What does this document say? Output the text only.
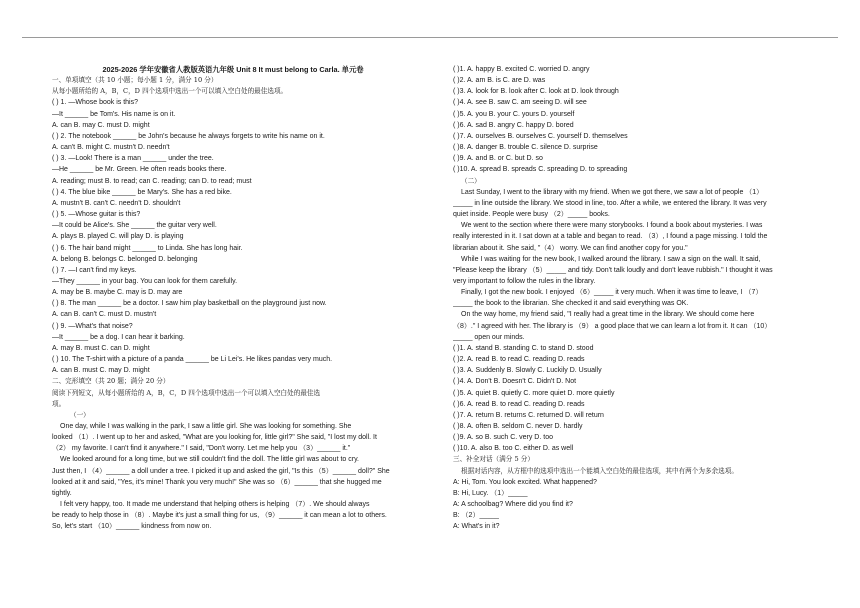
2025-2026 学年安徽省人教版英语九年级 Unit 8 It must belong to Carla. 单元卷
一、单项填空（共 10 小题；每小题 1 分，满分 10 分）
从每小题所给的 A，B，C，D 四个选项中选出一个可以填入空白处的最佳选项。
( ) 1. —Whose book is this?
—It ______ be Tom's. His name is on it.
A. can B. may C. must D. might
( ) 2. The notebook ______ be John's because he always forgets to write his name on it.
A. can't B. might C. mustn't D. needn't
( ) 3. —Look! There is a man ______ under the tree.
—He ______ be Mr. Green. He often reads books there.
A. reading; must B. to read; can C. reading; can D. to read; must
( ) 4. The blue bike ______ be Mary's. She has a red bike.
A. mustn't B. can't C. needn't D. shouldn't
( ) 5. —Whose guitar is this?
—It could be Alice's. She ______ the guitar very well.
A. plays B. played C. will play D. is playing
( ) 6. The hair band might ______ to Linda. She has long hair.
A. belong B. belongs C. belonged D. belonging
( ) 7. —I can't find my keys.
—They ______ in your bag. You can look for them carefully.
A. may be B. maybe C. may is D. may are
( ) 8. The man ______ be a doctor. I saw him play basketball on the playground just now.
A. can B. can't C. must D. mustn't
( ) 9. —What's that noise?
—It ______ be a dog. I can hear it barking.
A. may B. must C. can D. might
( ) 10. The T-shirt with a picture of a panda ______ be Li Lei's. He likes pandas very much.
A. can B. must C. may D. might
二、完形填空（共 20 题；满分 20 分）
阅读下列短文，从每小题所给的 A，B，C，D 四个选项中选出一个可以填入空白处的最佳选
项。
（一）
One day, while I was walking in the park, I saw a little girl. She was looking for something. She
looked （1）. I went up to her and asked, "What are you looking for, little girl?" She said, "I lost my doll. It
（2） my favorite. I can't find it anywhere." I said, "Don't worry. Let me help you （3）______ it."
We looked around for a long time, but we still couldn't find the doll. The little girl was about to cry.
Just then, I （4）______ a doll under a tree. I picked it up and asked the girl, "Is this （5）______ doll?" She
looked at it and said, "Yes, it's mine! Thank you very much!" She was so （6）______ that she hugged me
tightly.
I felt very happy, too. It made me understand that helping others is helping （7）. We should always
be ready to help those in （8）. Maybe it's just a small thing for us, （9）______ it can mean a lot to others.
So, let's start （10）______ kindness from now on.
( )1. A. happy B. excited C. worried D. angry
( )2. A. am B. is C. are D. was
( )3. A. look for B. look after C. look at D. look through
( )4. A. see B. saw C. am seeing D. will see
( )5. A. you B. your C. yours D. yourself
( )6. A. sad B. angry C. happy D. bored
( )7. A. ourselves B. ourselves C. yourself D. themselves
( )8. A. danger B. trouble C. silence D. surprise
( )9. A. and B. or C. but D. so
( )10. A. spread B. spreads C. spreading D. to spreading
（二）
Last Sunday, I went to the library with my friend. When we got there, we saw a lot of people （1）
_____ in line outside the library. We stood in line, too. After a while, we entered the library. It was very
quiet inside. People were busy （2）_____ books.
We went to the section where there were many storybooks. I found a book about mysteries. I was
really interested in it. I sat down at a table and began to read. （3）, I found a page missing. I told the
librarian about it. She said, "（4） worry. We can find another copy for you."
While I was waiting for the new book, I walked around the library. I saw a sign on the wall. It said,
"Please keep the library （5）_____ and tidy. Don't talk loudly and don't leave rubbish." I thought it was
very important to follow the rules in the library.
Finally, I got the new book. I enjoyed （6）_____ it very much. When it was time to leave, I （7）
_____ the book to the librarian. She checked it and said everything was OK.
On the way home, my friend said, "I really had a great time in the library. We should come here
（8）." I agreed with her. The library is （9） a good place that we can learn a lot from it. It can （10）
_____ open our minds.
( )1. A. stand B. standing C. to stand D. stood
( )2. A. read B. to read C. reading D. reads
( )3. A. Suddenly B. Slowly C. Luckily D. Usually
( )4. A. Don't B. Doesn't C. Didn't D. Not
( )5. A. quiet B. quietly C. more quiet D. more quietly
( )6. A. read B. to read C. reading D. reads
( )7. A. return B. returns C. returned D. will return
( )8. A. often B. seldom C. never D. hardly
( )9. A. so B. such C. very D. too
( )10. A. also B. too C. either D. as well
三、补全对话（满分 5 分）
根据对话内容，从方框中的选项中选出一个能填入空白处的最佳选项，其中有两个为多余选项。
A: Hi, Tom. You look excited. What happened?
B: Hi, Lucy. （1）_____
A: A schoolbag? Where did you find it?
B: （2）_____
A: What's in it?
